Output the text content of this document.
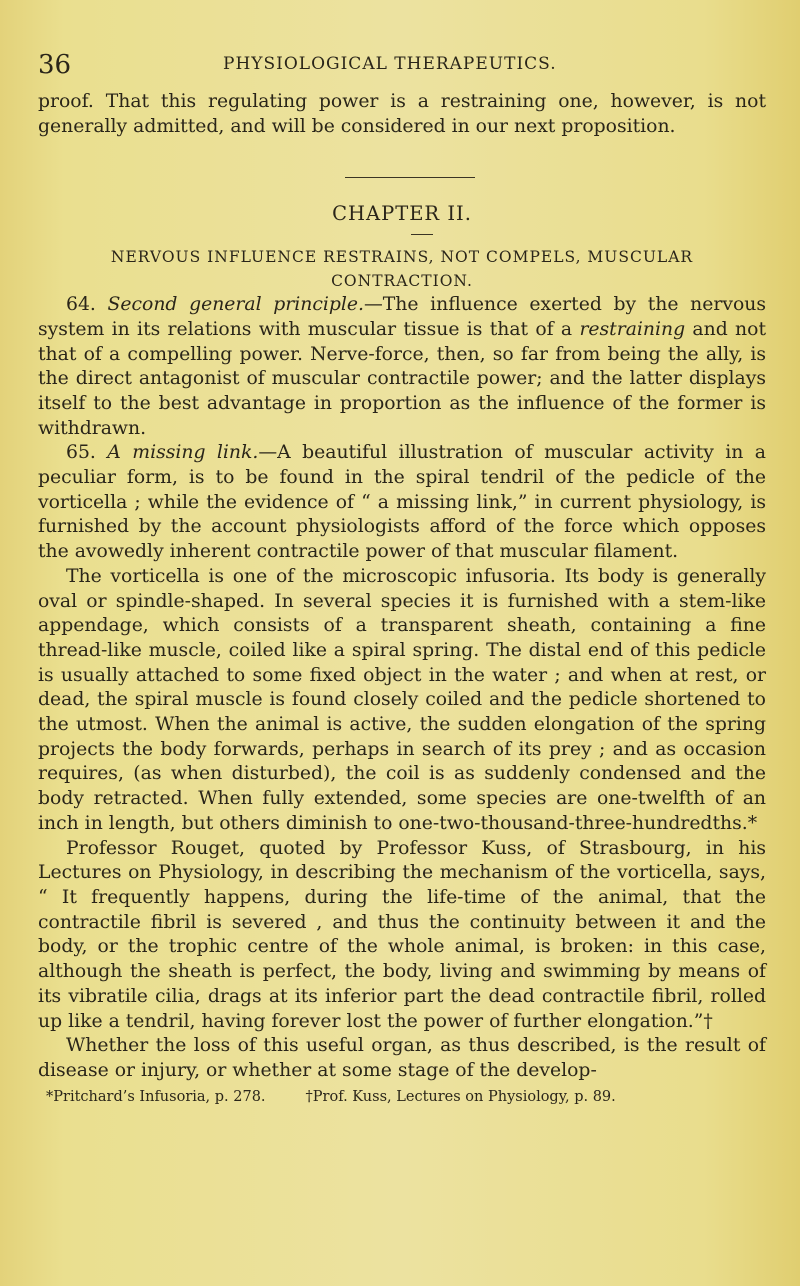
36	PHYSIOLOGICAL THERAPEUTICS.

proof. That this regulating power is a restraining one, however, is not generally admitted, and will be considered in our next proposition.

CHAPTER II.
NERVOUS INFLUENCE RESTRAINS, NOT COMPELS, MUSCULAR CONTRACTION.

64. Second general principle.—The influence exerted by the nervous system in its relations with muscular tissue is that of a restraining and not that of a compelling power. Nerve-force, then, so far from being the ally, is the direct antagonist of muscular contractile power; and the latter displays itself to the best advantage in proportion as the influence of the former is withdrawn.

65. A missing link.—A beautiful illustration of muscular activity in a peculiar form, is to be found in the spiral tendril of the pedicle of the vorticella ; while the evidence of “ a missing link,” in current physiology, is furnished by the account physiologists afford of the force which opposes the avowedly inherent contractile power of that muscular filament.

The vorticella is one of the microscopic infusoria. Its body is generally oval or spindle-shaped. In several species it is furnished with a stem-like appendage, which consists of a transparent sheath, containing a fine thread-like muscle, coiled like a spiral spring. The distal end of this pedicle is usually attached to some fixed object in the water ; and when at rest, or dead, the spiral muscle is found closely coiled and the pedicle shortened to the utmost. When the animal is active, the sudden elongation of the spring projects the body forwards, perhaps in search of its prey ; and as occasion requires, (as when disturbed), the coil is as suddenly condensed and the body retracted. When fully extended, some species are one-twelfth of an inch in length, but others diminish to one-two-thousand-three-hundredths.*

Professor Rouget, quoted by Professor Kuss, of Strasbourg, in his Lectures on Physiology, in describing the mechanism of the vorticella, says, “ It frequently happens, during the life-time of the animal, that the contractile fibril is severed , and thus the continuity between it and the body, or the trophic centre of the whole animal, is broken: in this case, although the sheath is perfect, the body, living and swimming by means of its vibratile cilia, drags at its inferior part the dead contractile fibril, rolled up like a tendril, having forever lost the power of further elongation.”†

Whether the loss of this useful organ, as thus described, is the result of disease or injury, or whether at some stage of the develop-

*Pritchard’s Infusoria, p. 278.	†Prof. Kuss, Lectures on Physiology, p. 89.
